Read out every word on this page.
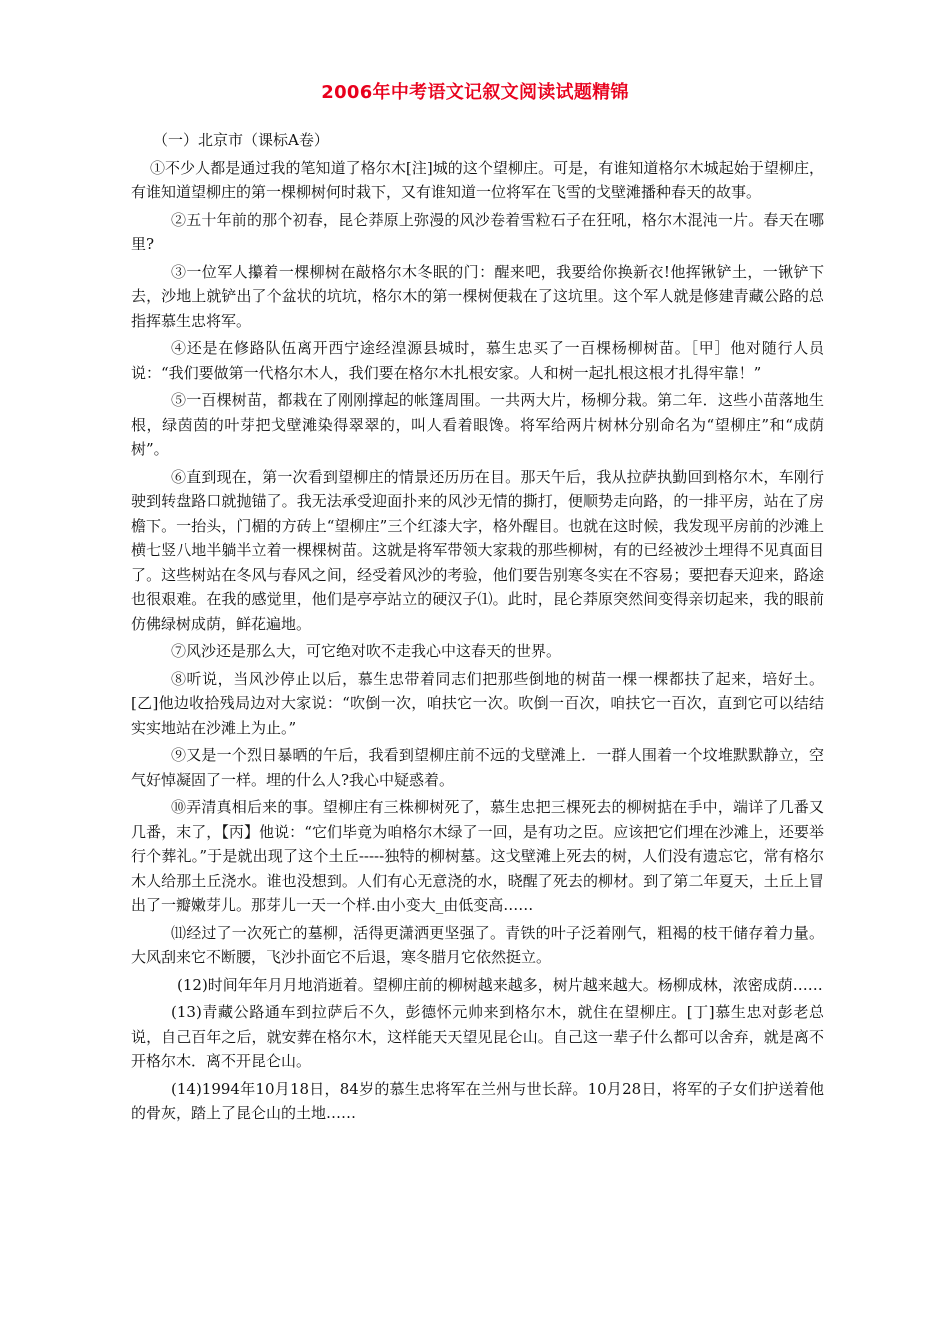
2006年中考语文记叙文阅读试题精锦

（一）北京市（课标A卷）

①不少人都是通过我的笔知道了格尔木[注]城的这个望柳庄。可是，有谁知道格尔木城起始于望柳庄，有谁知道望柳庄的第一棵柳树何时栽下，又有谁知道一位将军在飞雪的戈壁滩播种春天的故事。

②五十年前的那个初春，昆仑莽原上弥漫的风沙卷着雪粒石子在狂吼，格尔木混沌一片。春天在哪里?

③一位军人攥着一棵柳树在敲格尔木冬眠的门：醒来吧，我要给你换新衣!他挥锹铲土，一锹铲下去，沙地上就铲出了个盆状的坑坑，格尔木的第一棵树便栽在了这坑里。这个军人就是修建青藏公路的总指挥慕生忠将军。

④还是在修路队伍离开西宁途经湟源县城时，慕生忠买了一百棵杨柳树苗。［甲］他对随行人员说：“我们要做第一代格尔木人，我们要在格尔木扎根安家。人和树一起扎根这根才扎得牢靠！”

⑤一百棵树苗，都栽在了刚刚撑起的帐篷周围。一共两大片，杨柳分栽。第二年．这些小苗落地生根，绿茵茵的叶芽把戈壁滩染得翠翠的，叫人看着眼馋。将军给两片树林分别命名为“望柳庄”和“成荫树”。

⑥直到现在，第一次看到望柳庄的情景还历历在目。那天午后，我从拉萨执勤回到格尔木，车刚行驶到转盘路口就抛锚了。我无法承受迎面扑来的风沙无情的撕打，便顺势走向路，的一排平房，站在了房檐下。一抬头，门楣的方砖上“望柳庄”三个红漆大字，格外醒目。也就在这时候，我发现平房前的沙滩上横七竖八地半躺半立着一棵棵树苗。这就是将军带领大家栽的那些柳树，有的已经被沙土埋得不见真面目了。这些树站在冬风与春风之间，经受着风沙的考验，他们要告别寒冬实在不容易；要把春天迎来，路途也很艰难。在我的感觉里，他们是亭亭站立的硬汉子⑴。此时，昆仑莽原突然间变得亲切起来，我的眼前仿佛绿树成荫，鲜花遍地。

⑦风沙还是那么大，可它绝对吹不走我心中这春天的世界。

⑧听说，当风沙停止以后，慕生忠带着同志们把那些倒地的树苗一棵一棵都扶了起来，培好土。[乙]他边收拾残局边对大家说：“吹倒一次，咱扶它一次。吹倒一百次，咱扶它一百次，直到它可以结结实实地站在沙滩上为止。”

⑨又是一个烈日暴晒的午后，我看到望柳庄前不远的戈壁滩上．一群人围着一个坟堆默默静立，空气好悼凝固了一样。埋的什么人?我心中疑惑着。

⑩弄清真相后来的事。望柳庄有三株柳树死了，慕生忠把三棵死去的柳树掂在手中，端详了几番又几番，末了，【丙】他说：“它们毕竟为咱格尔木绿了一回，是有功之臣。应该把它们埋在沙滩上，还要举行个葬礼。”于是就出现了这个土丘-----独特的柳树墓。这戈壁滩上死去的树，人们没有遗忘它，常有格尔木人给那土丘浇水。谁也没想到。人们有心无意浇的水，晓醒了死去的柳材。到了第二年夏天，土丘上冒出了一瓣嫩芽儿。那芽儿一天一个样.由小变大_由低变高……

⑾经过了一次死亡的墓柳，活得更潇洒更坚强了。青铁的叶子泛着刚气，粗褐的枝干储存着力量。大风刮来它不断腰，飞沙扑面它不后退，寒冬腊月它依然挺立。

(12)时间年年月月地消逝着。望柳庄前的柳树越来越多，树片越来越大。杨柳成林，浓密成荫……

(13)青藏公路通车到拉萨后不久，彭德怀元帅来到格尔木，就住在望柳庄。[丁]慕生忠对彭老总说，自己百年之后，就安葬在格尔木，这样能天天望见昆仑山。自己这一辈子什么都可以舍弃，就是离不开格尔木．离不开昆仑山。

(14)1994年10月18日，84岁的慕生忠将军在兰州与世长辞。10月28日，将军的子女们护送着他的骨灰，踏上了昆仑山的土地……
